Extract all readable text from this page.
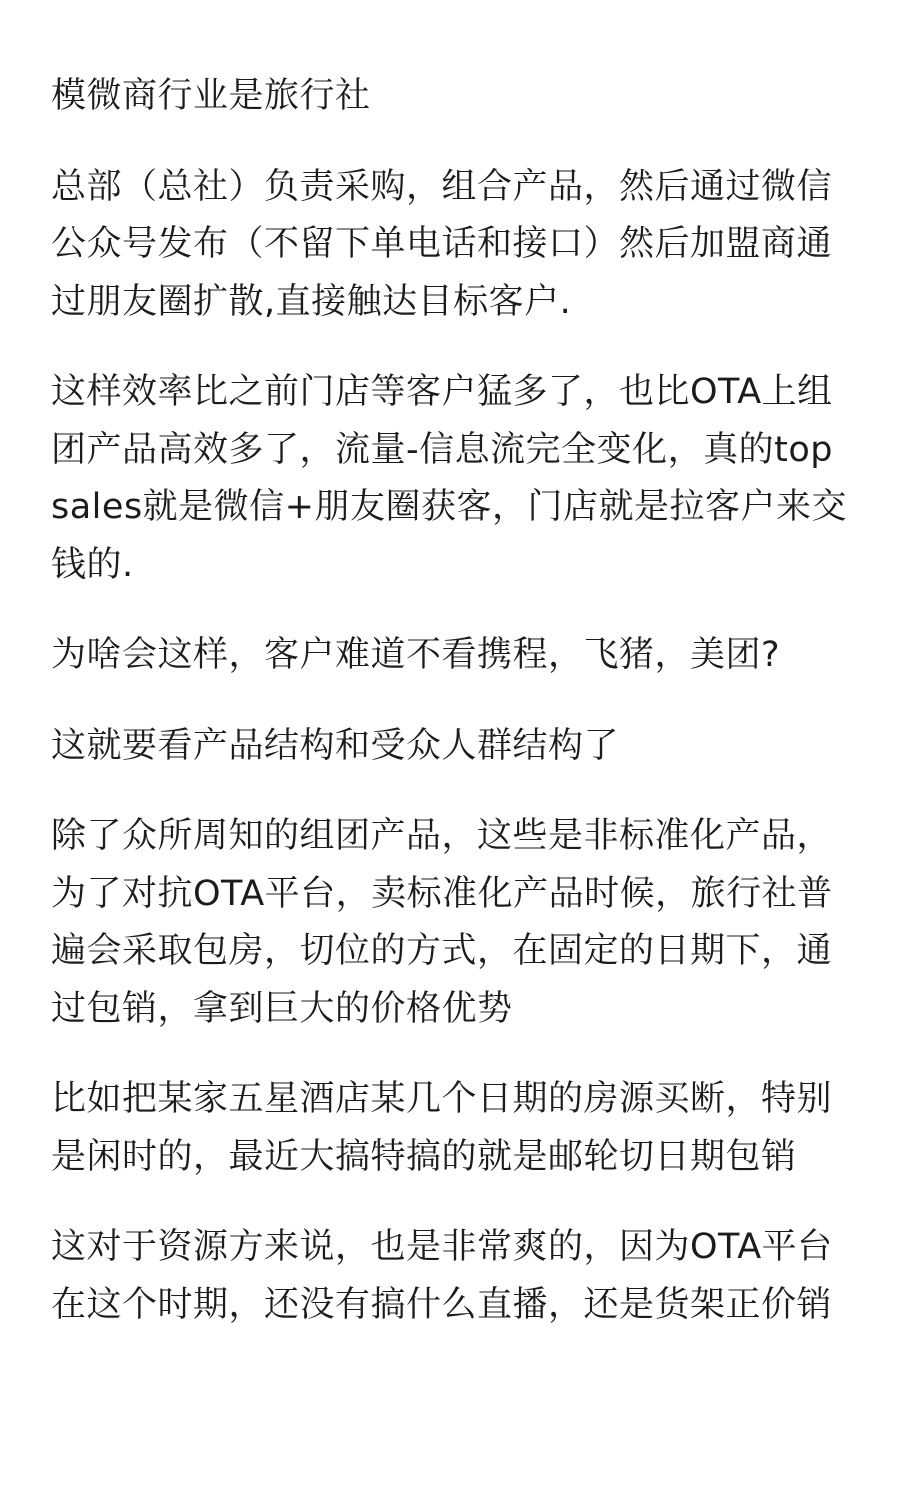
模微商行业是旅行社

总部（总社）负责采购，组合产品，然后通过微信公众号发布（不留下单电话和接口）然后加盟商通过朋友圈扩散,直接触达目标客户.

这样效率比之前门店等客户猛多了，也比OTA上组团产品高效多了，流量-信息流完全变化，真的top sales就是微信+朋友圈获客，门店就是拉客户来交钱的.

为啥会这样，客户难道不看携程，飞猪，美团?

这就要看产品结构和受众人群结构了

除了众所周知的组团产品，这些是非标准化产品，为了对抗OTA平台，卖标准化产品时候，旅行社普遍会采取包房，切位的方式，在固定的日期下，通过包销，拿到巨大的价格优势

比如把某家五星酒店某几个日期的房源买断，特别是闲时的，最近大搞特搞的就是邮轮切日期包销

这对于资源方来说，也是非常爽的，因为OTA平台在这个时期，还没有搞什么直播，还是货架正价销
